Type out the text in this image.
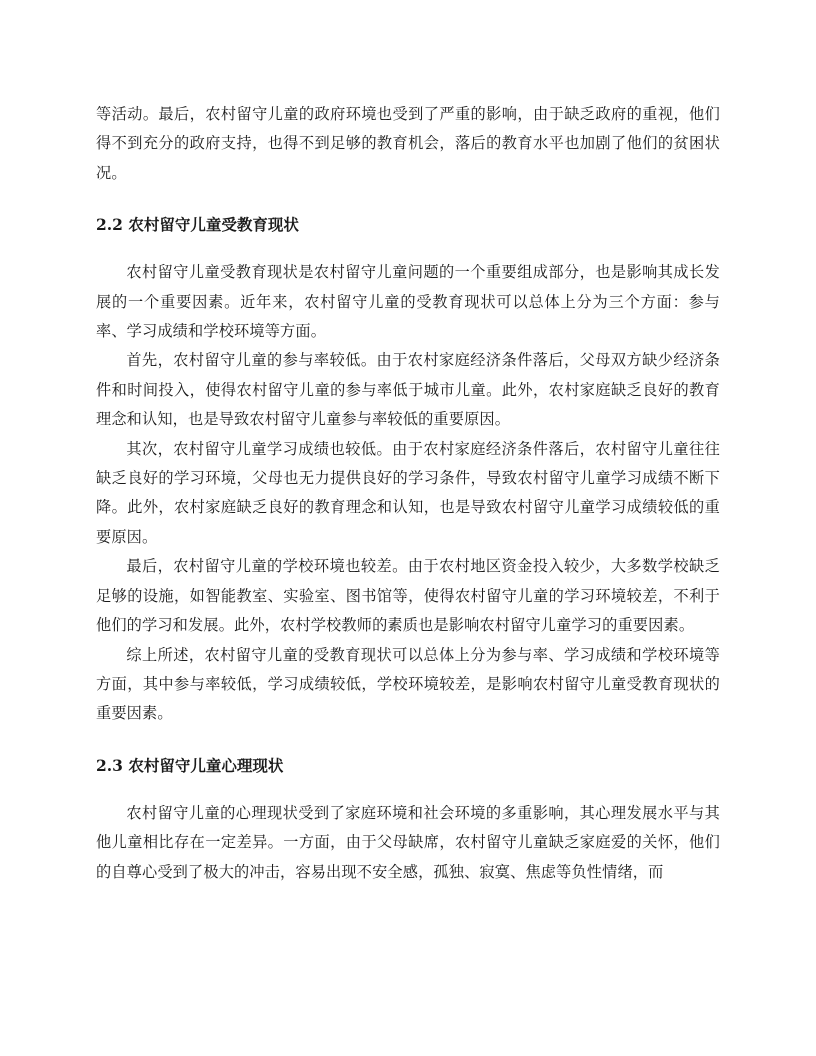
等活动。最后，农村留守儿童的政府环境也受到了严重的影响，由于缺乏政府的重视，他们得不到充分的政府支持，也得不到足够的教育机会，落后的教育水平也加剧了他们的贫困状况。

2.2 农村留守儿童受教育现状

农村留守儿童受教育现状是农村留守儿童问题的一个重要组成部分，也是影响其成长发展的一个重要因素。近年来，农村留守儿童的受教育现状可以总体上分为三个方面：参与率、学习成绩和学校环境等方面。

首先，农村留守儿童的参与率较低。由于农村家庭经济条件落后，父母双方缺少经济条件和时间投入，使得农村留守儿童的参与率低于城市儿童。此外，农村家庭缺乏良好的教育理念和认知，也是导致农村留守儿童参与率较低的重要原因。

其次，农村留守儿童学习成绩也较低。由于农村家庭经济条件落后，农村留守儿童往往缺乏良好的学习环境，父母也无力提供良好的学习条件，导致农村留守儿童学习成绩不断下降。此外，农村家庭缺乏良好的教育理念和认知，也是导致农村留守儿童学习成绩较低的重要原因。

最后，农村留守儿童的学校环境也较差。由于农村地区资金投入较少，大多数学校缺乏足够的设施，如智能教室、实验室、图书馆等，使得农村留守儿童的学习环境较差，不利于他们的学习和发展。此外，农村学校教师的素质也是影响农村留守儿童学习的重要因素。

综上所述，农村留守儿童的受教育现状可以总体上分为参与率、学习成绩和学校环境等方面，其中参与率较低，学习成绩较低，学校环境较差，是影响农村留守儿童受教育现状的重要因素。

2.3 农村留守儿童心理现状

农村留守儿童的心理现状受到了家庭环境和社会环境的多重影响，其心理发展水平与其他儿童相比存在一定差异。一方面，由于父母缺席，农村留守儿童缺乏家庭爱的关怀，他们的自尊心受到了极大的冲击，容易出现不安全感，孤独、寂寞、焦虑等负性情绪，而
